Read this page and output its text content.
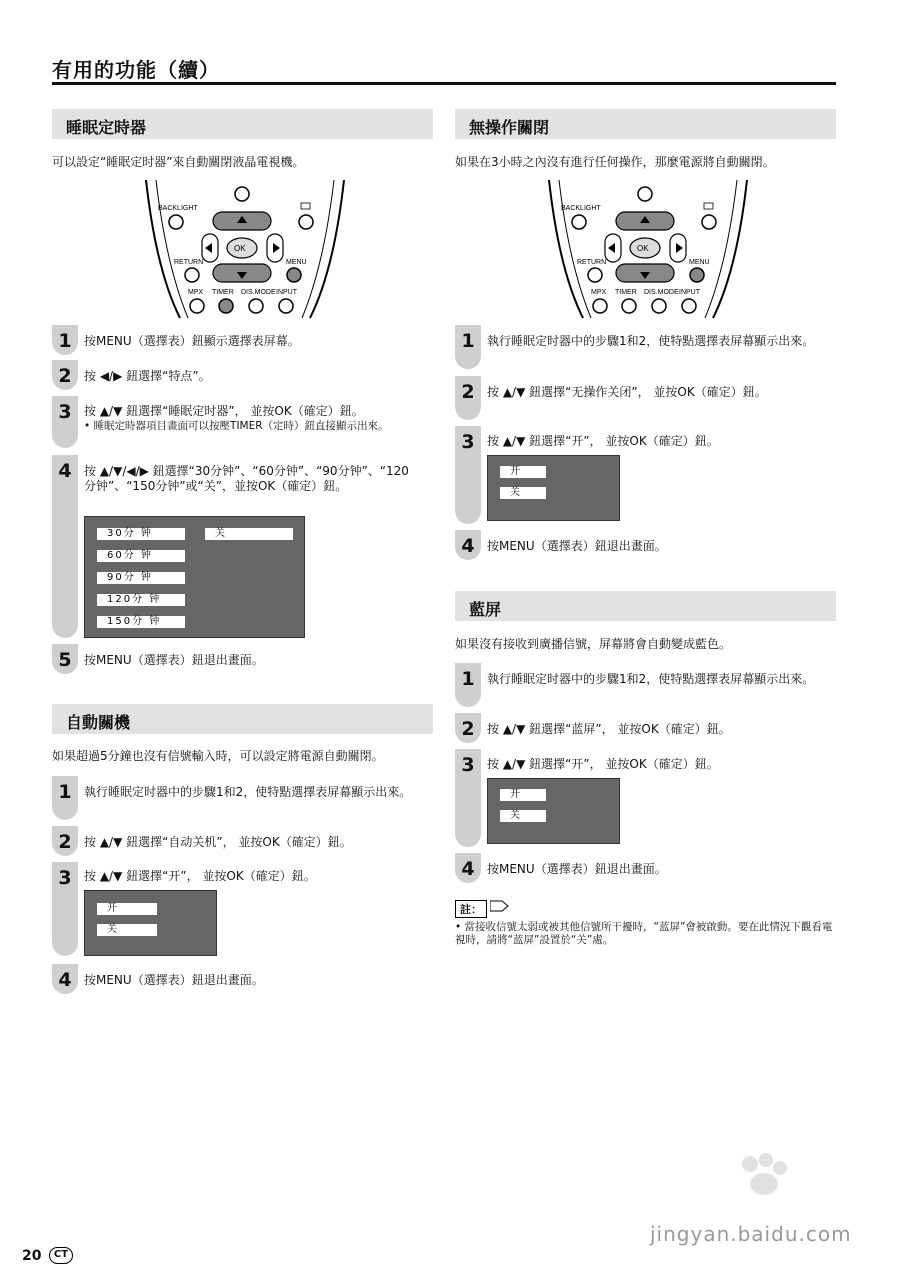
有用的功能（續）
BACKLIGHT
OK
RETURN	MENU
MPX TIMER DIS.MODE INPUT
BACKLIGHT
OK
RETURN	MENU
MPX TIMER DIS.MODE INPUT
睡眠定時器
可以設定“睡眠定时器”來自動關閉液晶電視機。
1	按MENU（選擇表）鈕顯示選擇表屏幕。
2	按 ◀/▶ 鈕選擇“特点”。
3	按 ▲/▼ 鈕選擇“睡眠定时器”， 並按OK（確定）鈕。
• 睡眠定時器項目畫面可以按壓TIMER（定時）鈕直接顯示出來。
4	按 ▲/▼/◀/▶ 鈕選擇“30分钟”、“60分钟”、“90分钟”、“120分钟”、“150分钟”或“关”，並按OK（確定）鈕。
30分 钟	关
60分 钟
90分 钟
120分 钟
150分 钟
5	按MENU（選擇表）鈕退出畫面。
自動關機
如果超過5分鐘也沒有信號輸入時，可以設定將電源自動關閉。
1	執行睡眠定时器中的步驟1和2，使特點選擇表屏幕顯示出來。
2	按 ▲/▼ 鈕選擇“自动关机”， 並按OK（確定）鈕。
3	按 ▲/▼ 鈕選擇“开”， 並按OK（確定）鈕。
开
关
4	按MENU（選擇表）鈕退出畫面。
無操作關閉
如果在3小時之內沒有進行任何操作，那麼電源將自動關閉。
1	執行睡眠定时器中的步驟1和2，使特點選擇表屏幕顯示出來。
2	按 ▲/▼ 鈕選擇“无操作关闭”， 並按OK（確定）鈕。
3	按 ▲/▼ 鈕選擇“开”， 並按OK（確定）鈕。
开
关
4	按MENU（選擇表）鈕退出畫面。
藍屏
如果沒有接收到廣播信號，屏幕將會自動變成藍色。
1	執行睡眠定时器中的步驟1和2，使特點選擇表屏幕顯示出來。
2	按 ▲/▼ 鈕選擇“蓝屏”， 並按OK（確定）鈕。
3	按 ▲/▼ 鈕選擇“开”， 並按OK（確定）鈕。
开
关
4	按MENU（選擇表）鈕退出畫面。
註：
• 當接收信號太弱或被其他信號所干擾時，“蓝屏”會被啟動。要在此情況下觀看電視時，請將“蓝屏”設置於“关”處。
20	CT
jingyan.baidu.com
